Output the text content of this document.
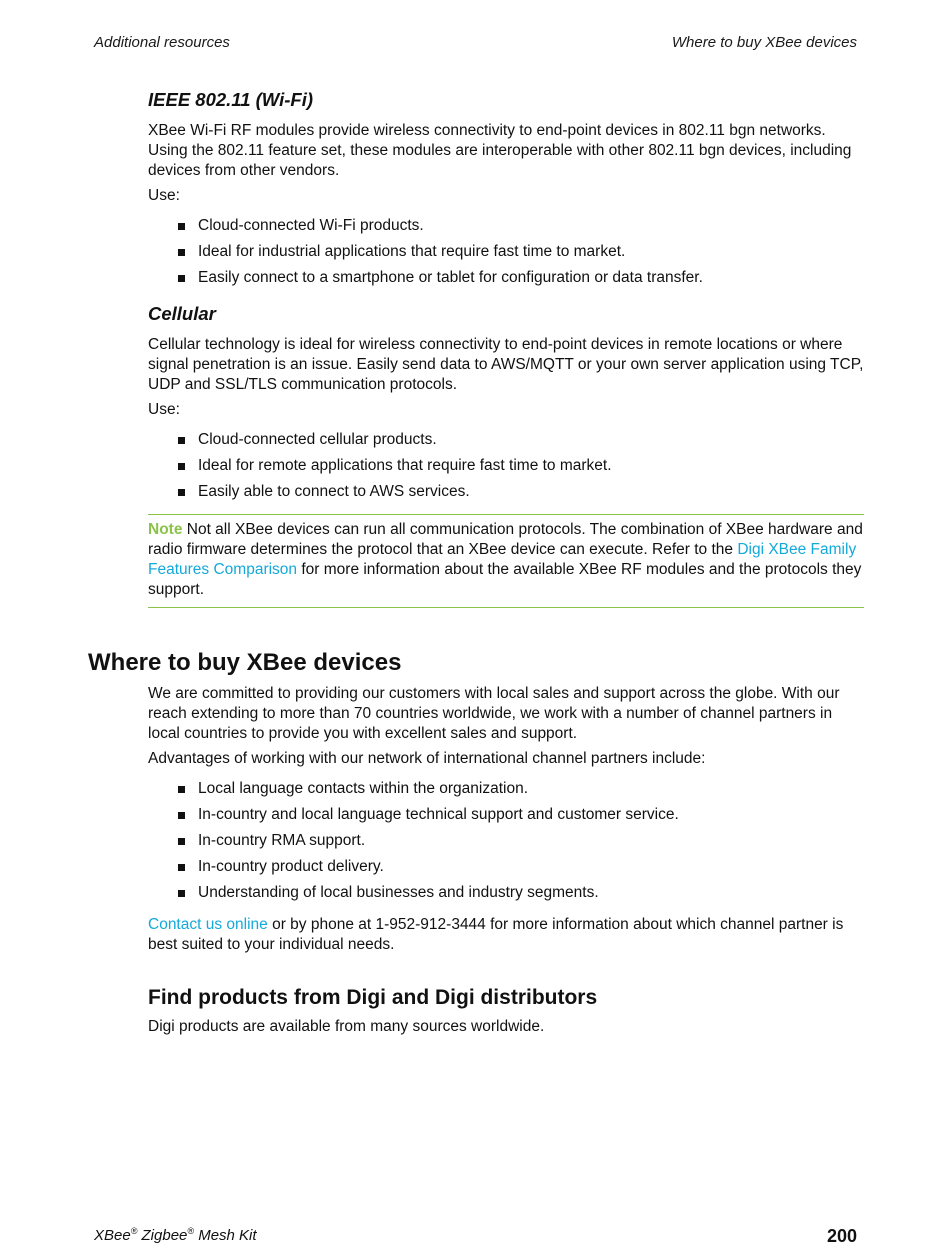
Additional resources	Where to buy XBee devices
IEEE 802.11 (Wi-Fi)

XBee Wi-Fi RF modules provide wireless connectivity to end-point devices in 802.11 bgn networks. Using the 802.11 feature set, these modules are interoperable with other 802.11 bgn devices, including devices from other vendors.

Use:

Cloud-connected Wi-Fi products.
Ideal for industrial applications that require fast time to market.
Easily connect to a smartphone or tablet for configuration or data transfer.
Cellular

Cellular technology is ideal for wireless connectivity to end-point devices in remote locations or where signal penetration is an issue. Easily send data to AWS/MQTT or your own server application using TCP, UDP and SSL/TLS communication protocols.

Use:

Cloud-connected cellular products.
Ideal for remote applications that require fast time to market.
Easily able to connect to AWS services.
Note Not all XBee devices can run all communication protocols. The combination of XBee hardware and radio firmware determines the protocol that an XBee device can execute. Refer to the Digi XBee Family Features Comparison for more information about the available XBee RF modules and the protocols they support.
Where to buy XBee devices

We are committed to providing our customers with local sales and support across the globe. With our reach extending to more than 70 countries worldwide, we work with a number of channel partners in local countries to provide you with excellent sales and support.

Advantages of working with our network of international channel partners include:

Local language contacts within the organization.
In-country and local language technical support and customer service.
In-country RMA support.
In-country product delivery.
Understanding of local businesses and industry segments.

Contact us online or by phone at 1-952-912-3444 for more information about which channel partner is best suited to your individual needs.

Find products from Digi and Digi distributors

Digi products are available from many sources worldwide.

XBee® Zigbee® Mesh Kit	200
